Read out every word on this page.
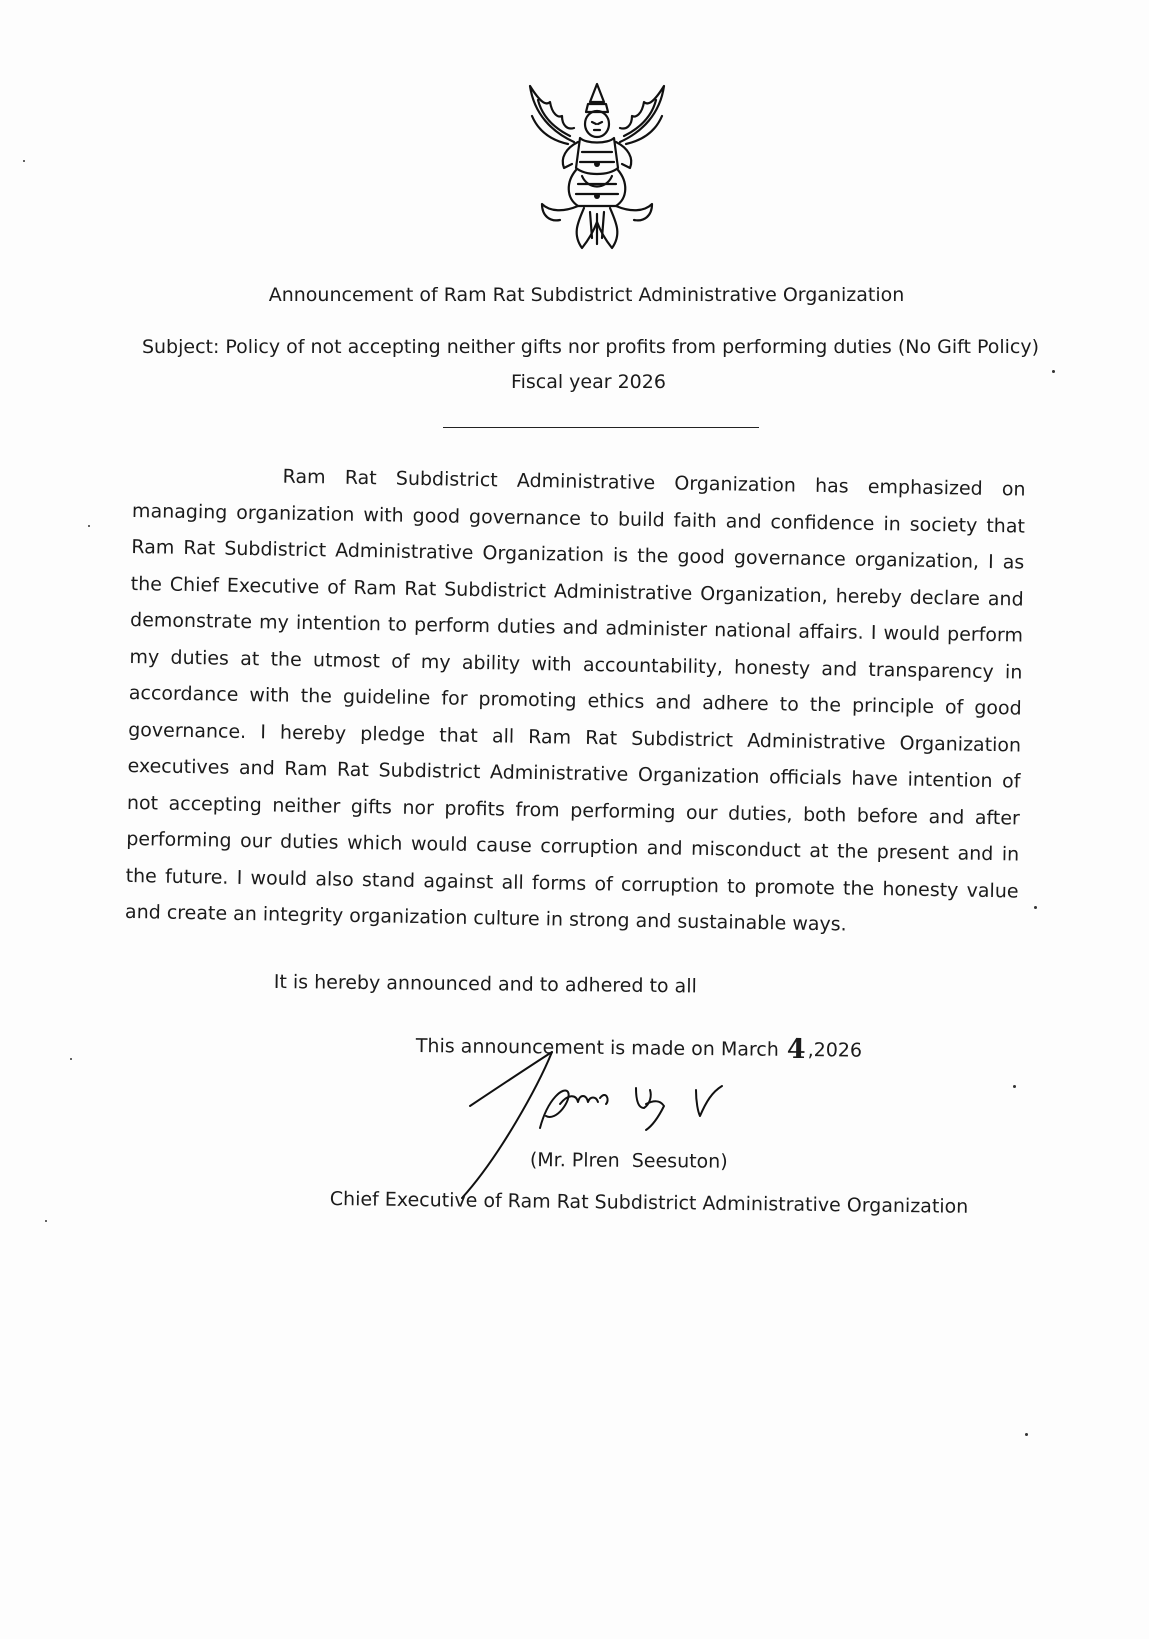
Announcement of Ram Rat Subdistrict Administrative Organization
Subject: Policy of not accepting neither gifts nor profits from performing duties (No Gift Policy)
Fiscal year 2026

Ram Rat Subdistrict Administrative Organization has emphasized on managing organization with good governance to build faith and confidence in society that Ram Rat Subdistrict Administrative Organization is the good governance organization, I as the Chief Executive of Ram Rat Subdistrict Administrative Organization, hereby declare and demonstrate my intention to perform duties and administer national affairs. I would perform my duties at the utmost of my ability with accountability, honesty and transparency in accordance with the guideline for promoting ethics and adhere to the principle of good governance. I hereby pledge that all Ram Rat Subdistrict Administrative Organization executives and Ram Rat Subdistrict Administrative Organization officials have intention of not accepting neither gifts nor profits from performing our duties, both before and after performing our duties which would cause corruption and misconduct at the present and in the future. I would also stand against all forms of corruption to promote the honesty value and create an integrity organization culture in strong and sustainable ways.

It is hereby announced and to adhered to all
This announcement is made on March 4,2026
(Mr. Plren  Seesuton)
Chief Executive of Ram Rat Subdistrict Administrative Organization
